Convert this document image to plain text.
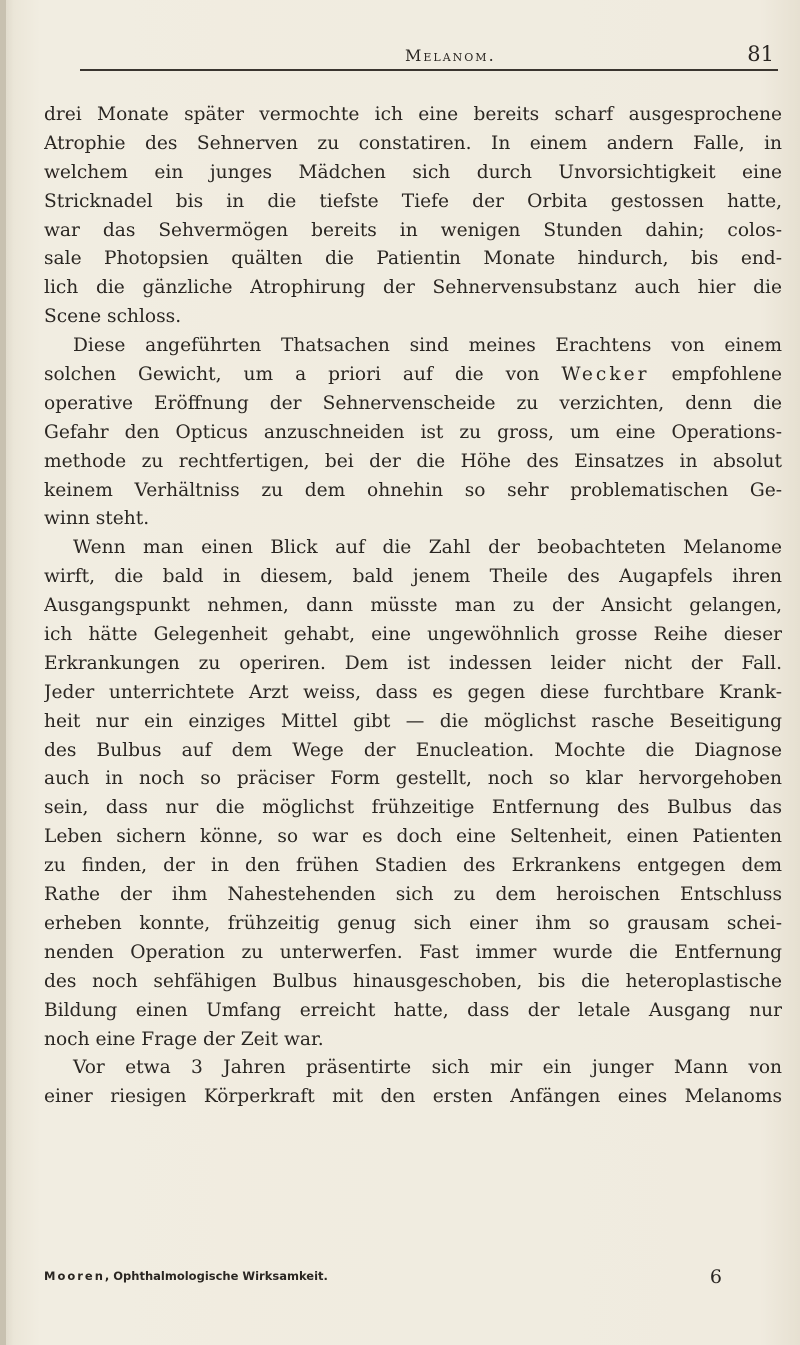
Melanom.	81
drei Monate später vermochte ich eine bereits scharf ausgesprochene
Atrophie des Sehnerven zu constatiren. In einem andern Falle, in
welchem ein junges Mädchen sich durch Unvorsichtigkeit eine
Stricknadel bis in die tiefste Tiefe der Orbita gestossen hatte,
war das Sehvermögen bereits in wenigen Stunden dahin; colos-
sale Photopsien quälten die Patientin Monate hindurch, bis end-
lich die gänzliche Atrophirung der Sehnervensubstanz auch hier die
Scene schloss.
Diese angeführten Thatsachen sind meines Erachtens von einem
solchen Gewicht, um a priori auf die von Wecker empfohlene
operative Eröffnung der Sehnervenscheide zu verzichten, denn die
Gefahr den Opticus anzuschneiden ist zu gross, um eine Operations-
methode zu rechtfertigen, bei der die Höhe des Einsatzes in absolut
keinem Verhältniss zu dem ohnehin so sehr problematischen Ge-
winn steht.
Wenn man einen Blick auf die Zahl der beobachteten Melanome
wirft, die bald in diesem, bald jenem Theile des Augapfels ihren
Ausgangspunkt nehmen, dann müsste man zu der Ansicht gelangen,
ich hätte Gelegenheit gehabt, eine ungewöhnlich grosse Reihe dieser
Erkrankungen zu operiren. Dem ist indessen leider nicht der Fall.
Jeder unterrichtete Arzt weiss, dass es gegen diese furchtbare Krank-
heit nur ein einziges Mittel gibt — die möglichst rasche Beseitigung
des Bulbus auf dem Wege der Enucleation. Mochte die Diagnose
auch in noch so präciser Form gestellt, noch so klar hervorgehoben
sein, dass nur die möglichst frühzeitige Entfernung des Bulbus das
Leben sichern könne, so war es doch eine Seltenheit, einen Patienten
zu finden, der in den frühen Stadien des Erkrankens entgegen dem
Rathe der ihm Nahestehenden sich zu dem heroischen Entschluss
erheben konnte, frühzeitig genug sich einer ihm so grausam schei-
nenden Operation zu unterwerfen. Fast immer wurde die Entfernung
des noch sehfähigen Bulbus hinausgeschoben, bis die heteroplastische
Bildung einen Umfang erreicht hatte, dass der letale Ausgang nur
noch eine Frage der Zeit war.
Vor etwa 3 Jahren präsentirte sich mir ein junger Mann von
einer riesigen Körperkraft mit den ersten Anfängen eines Melanoms
Mooren, Ophthalmologische Wirksamkeit.	6
